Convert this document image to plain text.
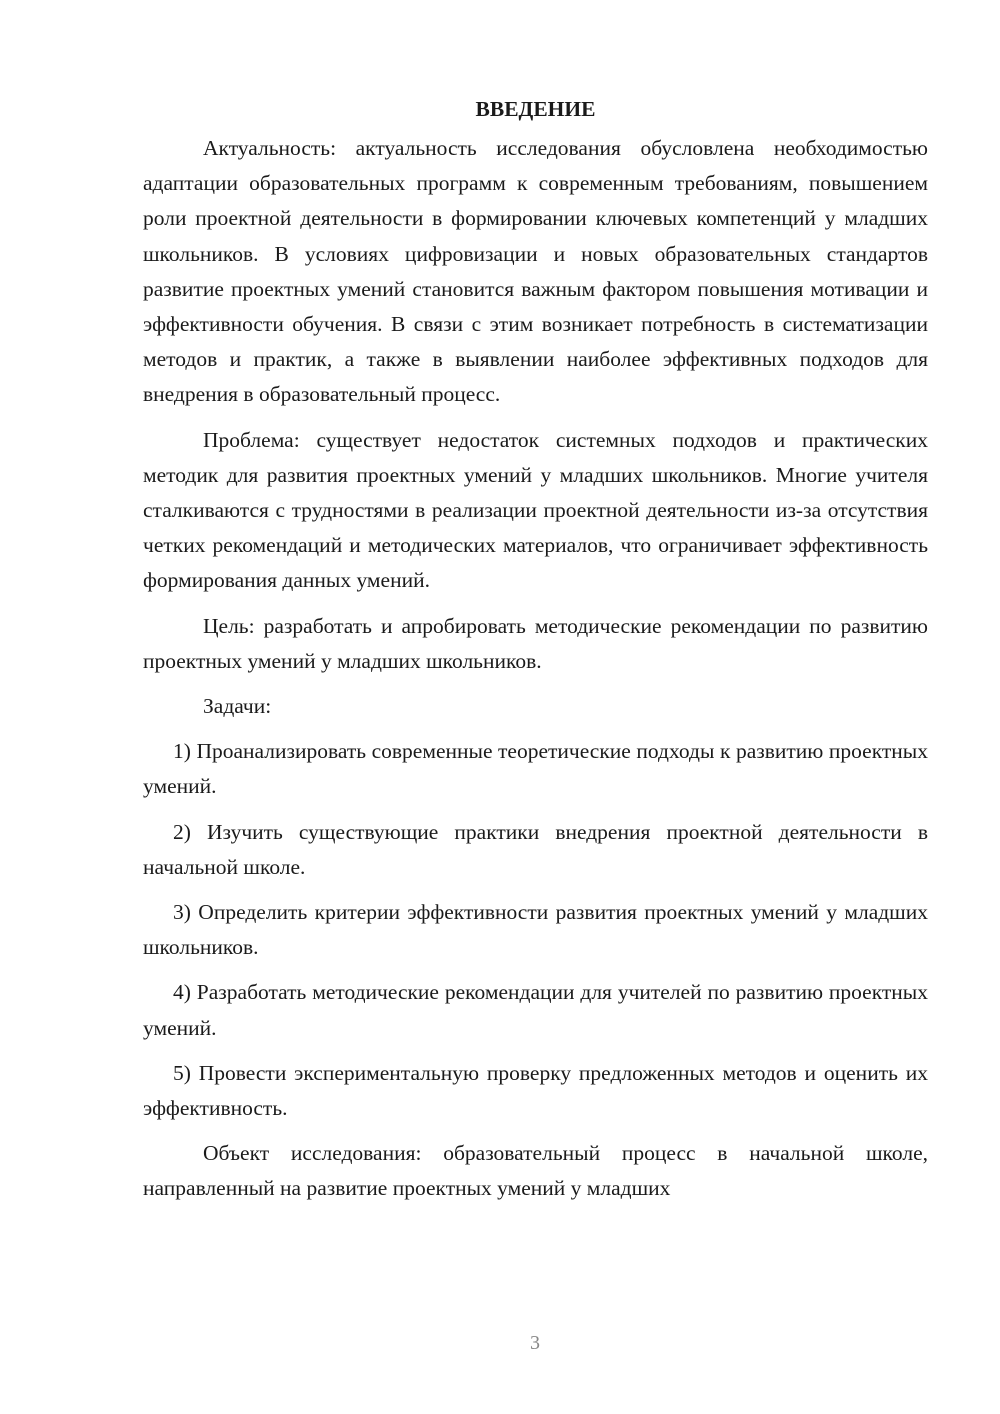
ВВЕДЕНИЕ

Актуальность: актуальность исследования обусловлена необходимостью адаптации образовательных программ к современным требованиям, повышением роли проектной деятельности в формировании ключевых компетенций у младших школьников. В условиях цифровизации и новых образовательных стандартов развитие проектных умений становится важным фактором повышения мотивации и эффективности обучения. В связи с этим возникает потребность в систематизации методов и практик, а также в выявлении наиболее эффективных подходов для внедрения в образовательный процесс.

Проблема: существует недостаток системных подходов и практических методик для развития проектных умений у младших школьников. Многие учителя сталкиваются с трудностями в реализации проектной деятельности из-за отсутствия четких рекомендаций и методических материалов, что ограничивает эффективность формирования данных умений.

Цель: разработать и апробировать методические рекомендации по развитию проектных умений у младших школьников.

Задачи:

1) Проанализировать современные теоретические подходы к развитию проектных умений.

2) Изучить существующие практики внедрения проектной деятельности в начальной школе.

3) Определить критерии эффективности развития проектных умений у младших школьников.

4) Разработать методические рекомендации для учителей по развитию проектных умений.

5) Провести экспериментальную проверку предложенных методов и оценить их эффективность.

Объект исследования: образовательный процесс в начальной школе, направленный на развитие проектных умений у младших

3
